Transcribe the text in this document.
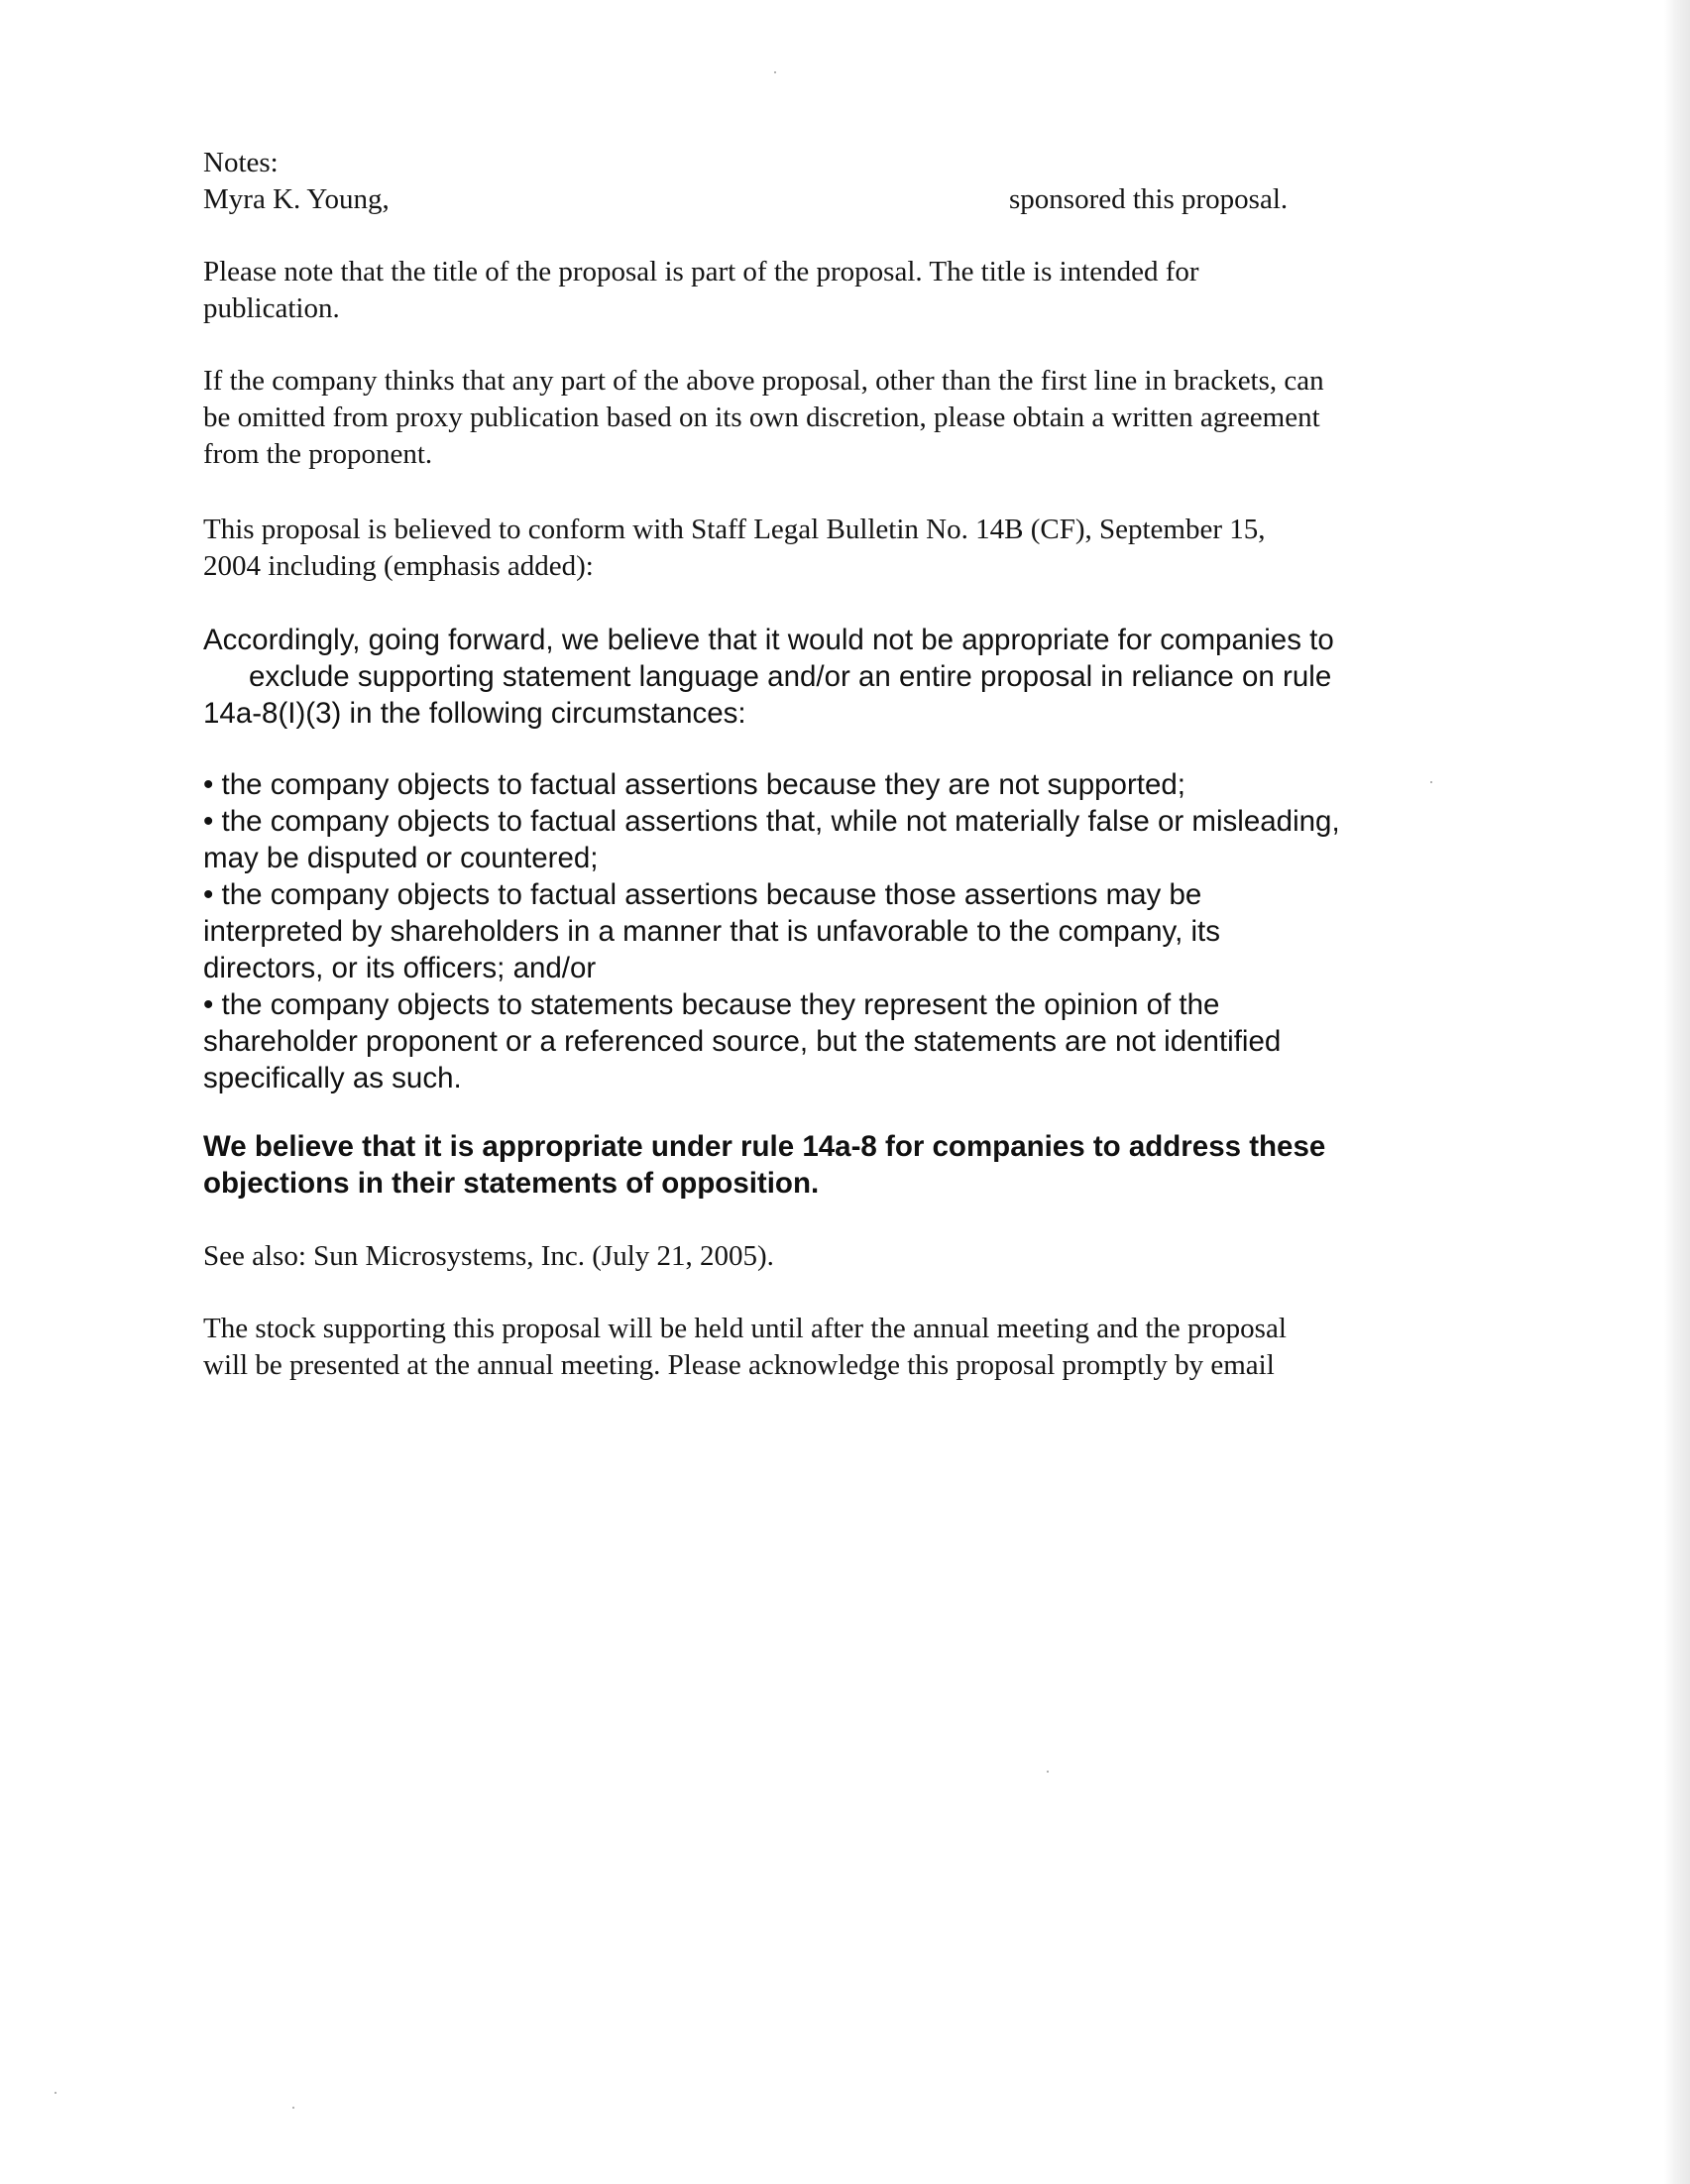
Notes:
Myra K. Young,	sponsored this proposal.
Please note that the title of the proposal is part of the proposal. The title is intended for
publication.
If the company thinks that any part of the above proposal, other than the first line in brackets, can
be omitted from proxy publication based on its own discretion, please obtain a written agreement
from the proponent.
This proposal is believed to conform with Staff Legal Bulletin No. 14B (CF), September 15,
2004 including (emphasis added):
Accordingly, going forward, we believe that it would not be appropriate for companies to
exclude supporting statement language and/or an entire proposal in reliance on rule
14a-8(I)(3) in the following circumstances:
• the company objects to factual assertions because they are not supported;
• the company objects to factual assertions that, while not materially false or misleading,
may be disputed or countered;
• the company objects to factual assertions because those assertions may be
interpreted by shareholders in a manner that is unfavorable to the company, its
directors, or its officers; and/or
• the company objects to statements because they represent the opinion of the
shareholder proponent or a referenced source, but the statements are not identified
specifically as such.
We believe that it is appropriate under rule 14a-8 for companies to address these
objections in their statements of opposition.
See also: Sun Microsystems, Inc. (July 21, 2005).
The stock supporting this proposal will be held until after the annual meeting and the proposal
will be presented at the annual meeting. Please acknowledge this proposal promptly by email
